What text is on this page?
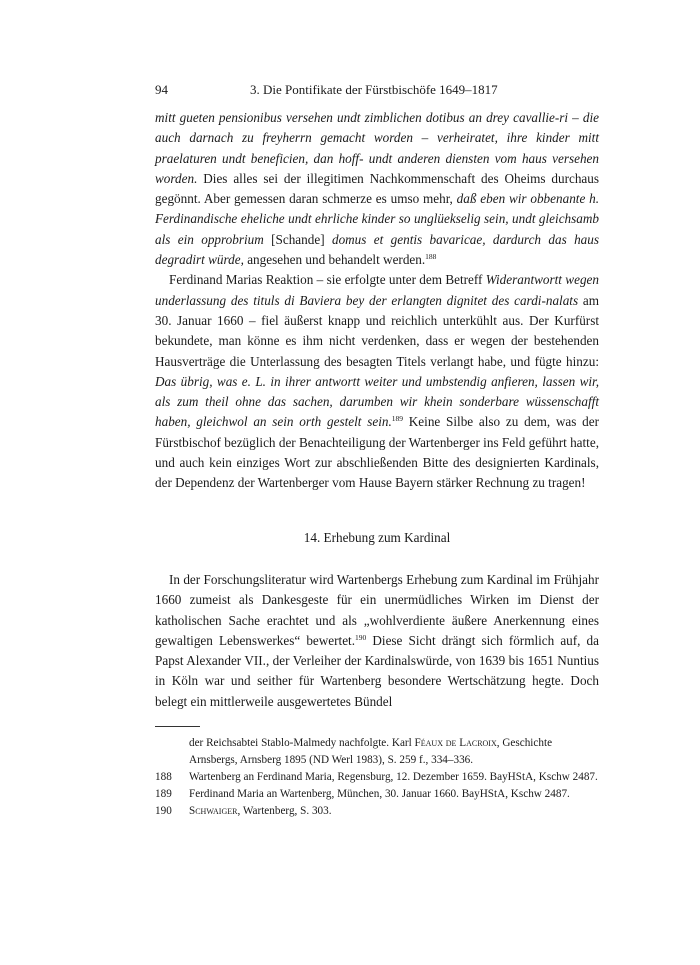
94	3. Die Pontifikate der Fürstbischöfe 1649–1817

mitt gueten pensionibus versehen undt zimblichen dotibus an drey cavallie-ri – die auch darnach zu freyherrn gemacht worden – verheiratet, ihre kinder mitt praelaturen undt beneficien, dan hoff- undt anderen diensten vom haus versehen worden. Dies alles sei der illegitimen Nachkommenschaft des Oheims durchaus gegönnt. Aber gemessen daran schmerze es umso mehr, daß eben wir obbenante h. Ferdinandische eheliche undt ehrliche kinder so unglüekselig sein, undt gleichsamb als ein opprobrium [Schande] domus et gentis bavaricae, dardurch das haus degradirt würde, angesehen und behandelt werden.$^{188}$

Ferdinand Marias Reaktion – sie erfolgte unter dem Betreff Widerantwortt wegen underlassung des tituls di Baviera bey der erlangten dignitet des cardi-nalats am 30. Januar 1660 – fiel äußerst knapp und reichlich unterkühlt aus. Der Kurfürst bekundete, man könne es ihm nicht verdenken, dass er wegen der bestehenden Hausverträge die Unterlassung des besagten Titels verlangt habe, und fügte hinzu: Das übrig, was e. L. in ihrer antwortt weiter und umbstendig anfieren, lassen wir, als zum theil ohne das sachen, darumben wir khein sonderbare wüssenschafft haben, gleichwol an sein orth gestelt sein.$^{189}$ Keine Silbe also zu dem, was der Fürstbischof bezüglich der Benachteiligung der Wartenberger ins Feld geführt hatte, und auch kein einziges Wort zur abschließenden Bitte des designierten Kardinals, der Dependenz der Wartenberger vom Hause Bayern stärker Rechnung zu tragen!

14. Erhebung zum Kardinal

In der Forschungsliteratur wird Wartenbergs Erhebung zum Kardinal im Frühjahr 1660 zumeist als Dankesgeste für ein unermüdliches Wirken im Dienst der katholischen Sache erachtet und als „wohlverdiente äußere Anerkennung eines gewaltigen Lebenswerkes“ bewertet.$^{190}$ Diese Sicht drängt sich förmlich auf, da Papst Alexander VII., der Verleiher der Kardinalswürde, von 1639 bis 1651 Nuntius in Köln war und seither für Wartenberg besondere Wertschätzung hegte. Doch belegt ein mittlerweile ausgewertetes Bündel

der Reichsabtei Stablo-Malmedy nachfolgte. Karl Féaux de Lacroix, Geschichte Arnsbergs, Arnsberg 1895 (ND Werl 1983), S. 259 f., 334–336.
188 Wartenberg an Ferdinand Maria, Regensburg, 12. Dezember 1659. BayHStA, Kschw 2487.
189 Ferdinand Maria an Wartenberg, München, 30. Januar 1660. BayHStA, Kschw 2487.
190 Schwaiger, Wartenberg, S. 303.
